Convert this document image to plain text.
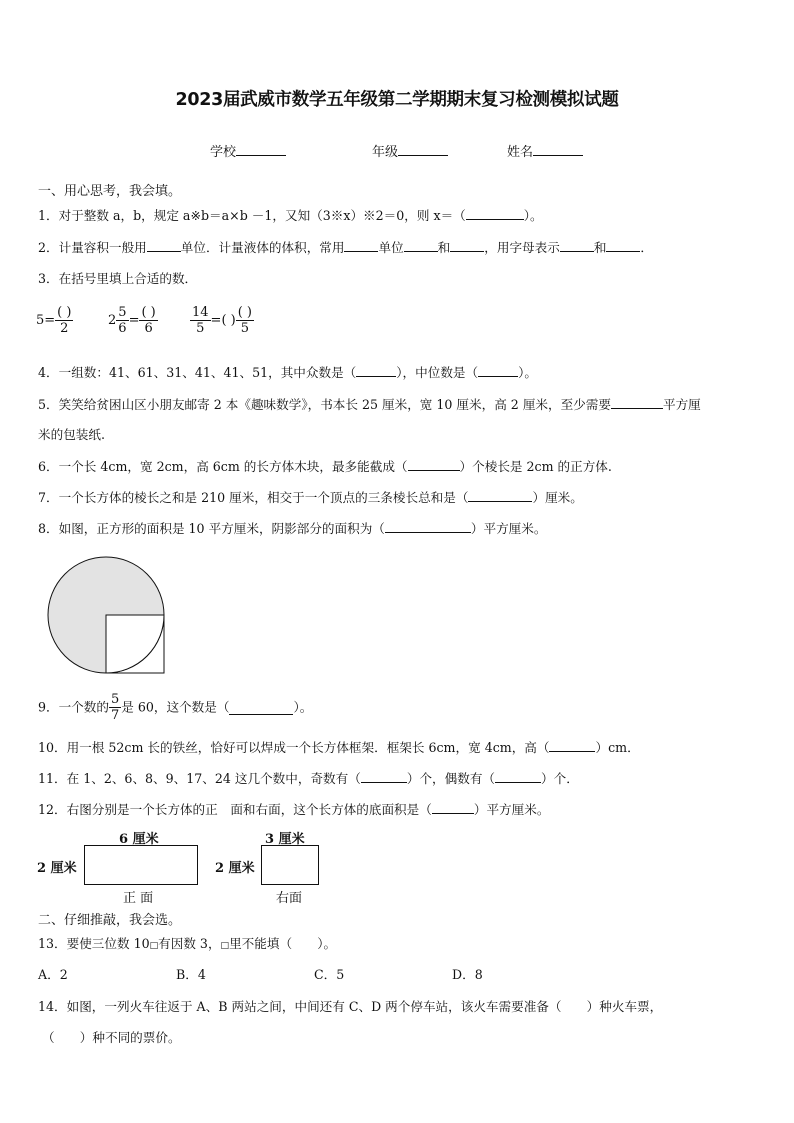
2023届武威市数学五年级第二学期期末复习检测模拟试题
学校	年级	姓名
一、用心思考，我会填。
1．对于整数 a，b，规定 a※b＝a×b －1，又知（3※x）※2＝0，则 x＝（	）。
2．计量容积一般用	单位．计量液体的体积，常用	单位	和	，用字母表示	和	．
3．在括号里填上合适的数．
$5= \frac{( )}{2}$	$2 \frac{5}{6} = \frac{( )}{6} \frac{14}{5}$ =( ) $\frac{( )}{5}$
4．一组数：41、61、31、41、41、51，其中众数是（	），中位数是（	）。
5．笑笑给贫困山区小朋友邮寄 2 本《趣味数学》，书本长 25 厘米，宽 10 厘米，高 2 厘米，至少需要	平方厘
米的包装纸.
6．一个长 4cm，宽 2cm，高 6cm 的长方体木块，最多能截成（	）个棱长是 2cm 的正方体.
7．一个长方体的棱长之和是 210 厘米，相交于一个顶点的三条棱长总和是（	）厘米。
8．如图，正方形的面积是 10 平方厘米，阴影部分的面积为（	）平方厘米。
9．一个数的 $\frac{5}{7}$ 是 60，这个数是（	）。
10．用一根 52cm 长的铁丝，恰好可以焊成一个长方体框架．框架长 6cm，宽 4cm，高（	）cm．
11．在 1、2、6、8、9、17、24 这几个数中，奇数有（	）个，偶数有（	）个．
12．右图分别是一个长方体的正　面和右面，这个长方体的底面积是（	）平方厘米。
6 厘米
2 厘米
正 面
3 厘米
2 厘米
右面
二、仔细推敲，我会选。
13．要使三位数 10□有因数 3，□里不能填（　　）。
A．2	B．4	C．5	D．8
14．如图，一列火车往返于 A、B 两站之间，中间还有 C、D 两个停车站，该火车需要准备（　　）种火车票，
（　　）种不同的票价。
